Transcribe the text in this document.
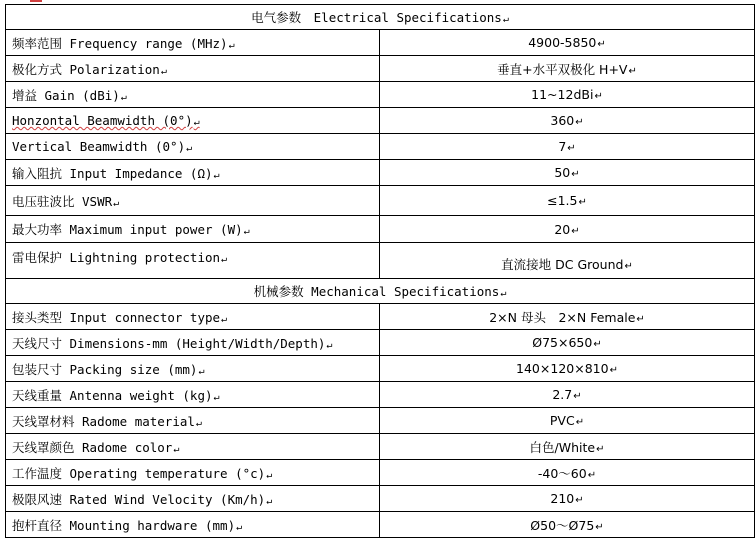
电气参数　Electrical Specifications↵	
频率范围 Frequency range (MHz)↵	4900-5850↵
极化方式 Polarization↵	垂直+水平双极化 H+V↵
增益 Gain (dBi)↵	11~12dBi↵
Honzontal Beamwidth (0°)↵	360↵
Vertical Beamwidth (0°)↵	7↵
输入阻抗 Input Impedance (Ω)↵	50↵
电压驻波比 VSWR↵	≤1.5↵
最大功率 Maximum input power (W)↵	20↵
雷电保护 Lightning protection↵	直流接地 DC Ground↵
机械参数 Mechanical Specifications↵	
接头类型 Input connector type↵	2×N 母头　2×N Female↵
天线尺寸 Dimensions-mm (Height/Width/Depth)↵	Ø75×650↵
包装尺寸 Packing size (mm)↵	140×120×810↵
天线重量 Antenna weight (kg)↵	2.7↵
天线罩材料 Radome material↵	PVC↵
天线罩颜色 Radome color↵	白色/White↵
工作温度 Operating temperature (°c)↵	-40～60↵
极限风速 Rated Wind Velocity (Km/h)↵	210↵
抱杆直径 Mounting hardware (mm)↵	Ø50～Ø75↵
